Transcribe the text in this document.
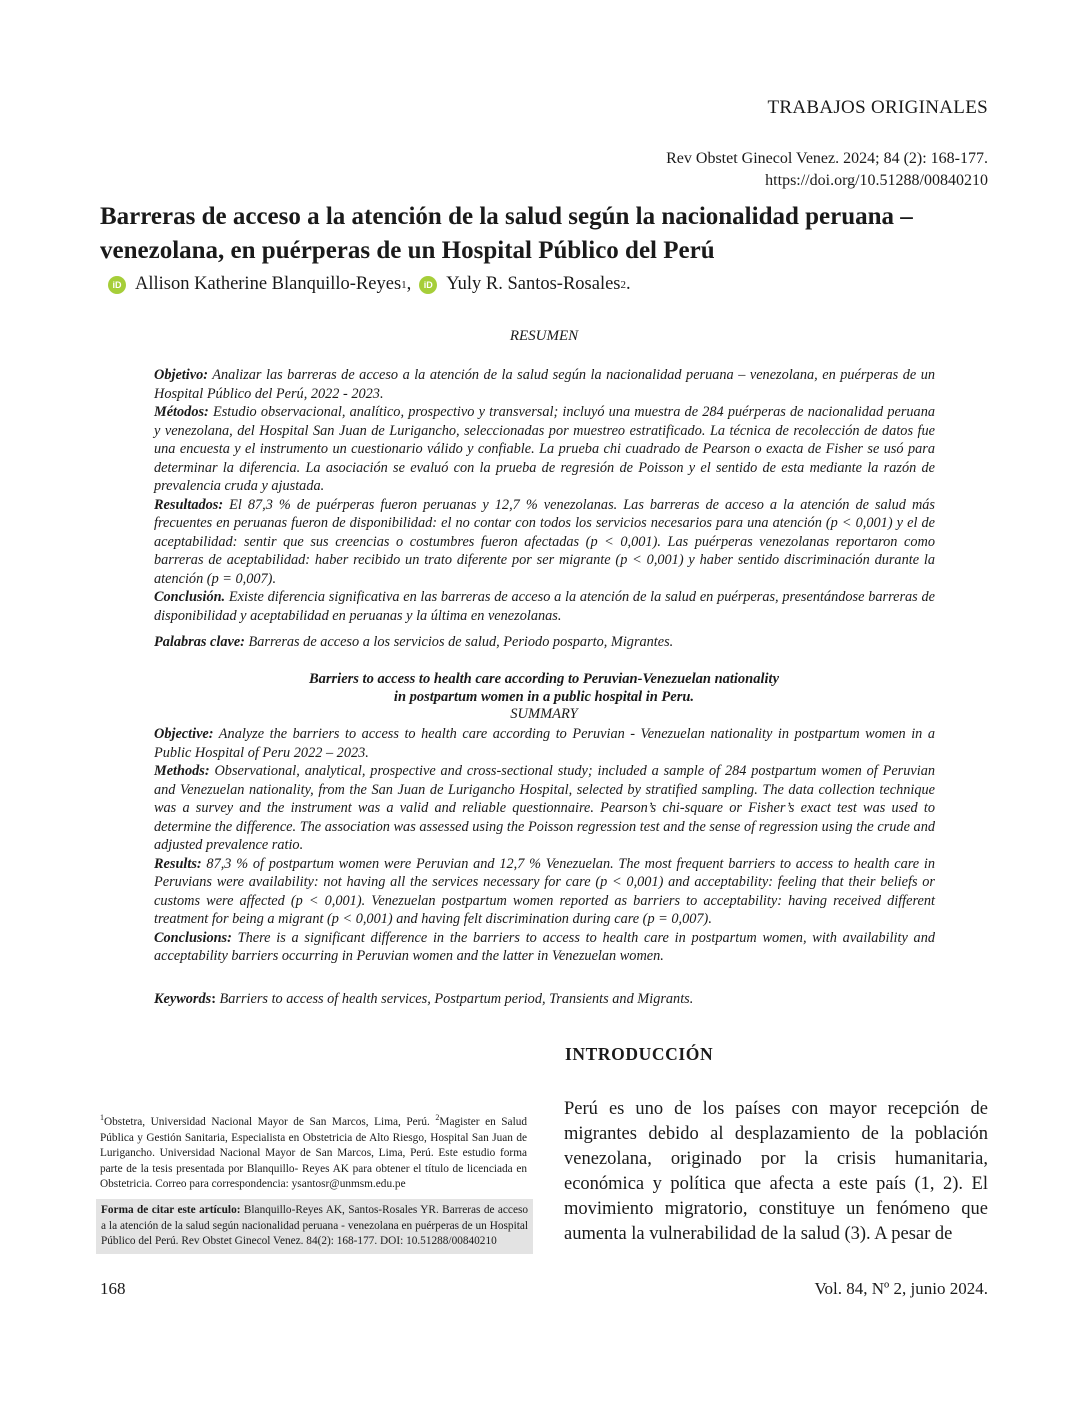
TRABAJOS ORIGINALES
Rev Obstet Ginecol Venez. 2024; 84 (2): 168-177.
https://doi.org/10.51288/00840210
Barreras de acceso a la atención de la salud según la nacionalidad peruana – venezolana, en puérperas de un Hospital Público del Perú
iD Allison Katherine Blanquillo-Reyes 1 ,	iD Yuly R. Santos-Rosales 2 .
RESUMEN

Objetivo: Analizar las barreras de acceso a la atención de la salud según la nacionalidad peruana – venezolana, en puérperas de un Hospital Público del Perú, 2022 - 2023.

Métodos: Estudio observacional, analítico, prospectivo y transversal; incluyó una muestra de 284 puérperas de nacionalidad peruana y venezolana, del Hospital San Juan de Lurigancho, seleccionadas por muestreo estratificado. La técnica de recolección de datos fue una encuesta y el instrumento un cuestionario válido y confiable. La prueba chi cuadrado de Pearson o exacta de Fisher se usó para determinar la diferencia. La asociación se evaluó con la prueba de regresión de Poisson y el sentido de esta mediante la razón de prevalencia cruda y ajustada.

Resultados: El 87,3 % de puérperas fueron peruanas y 12,7 % venezolanas. Las barreras de acceso a la atención de salud más frecuentes en peruanas fueron de disponibilidad: el no contar con todos los servicios necesarios para una atención (p < 0,001) y el de aceptabilidad: sentir que sus creencias o costumbres fueron afectadas (p < 0,001). Las puérperas venezolanas reportaron como barreras de aceptabilidad: haber recibido un trato diferente por ser migrante (p < 0,001) y haber sentido discriminación durante la atención (p = 0,007).

Conclusión. Existe diferencia significativa en las barreras de acceso a la atención de la salud en puérperas, presentándose barreras de disponibilidad y aceptabilidad en peruanas y la última en venezolanas.

Palabras clave: Barreras de acceso a los servicios de salud, Periodo posparto, Migrantes.
Barriers to access to health care according to Peruvian-Venezuelan nationality
in postpartum women in a public hospital in Peru.
SUMMARY

Objective: Analyze the barriers to access to health care according to Peruvian - Venezuelan nationality in postpartum women in a Public Hospital of Peru 2022 – 2023.

Methods: Observational, analytical, prospective and cross-sectional study; included a sample of 284 postpartum women of Peruvian and Venezuelan nationality, from the San Juan de Lurigancho Hospital, selected by stratified sampling. The data collection technique was a survey and the instrument was a valid and reliable questionnaire. Pearson’s chi-square or Fisher’s exact test was used to determine the difference. The association was assessed using the Poisson regression test and the sense of regression using the crude and adjusted prevalence ratio.

Results: 87,3 % of postpartum women were Peruvian and 12,7 % Venezuelan. The most frequent barriers to access to health care in Peruvians were availability: not having all the services necessary for care (p < 0,001) and acceptability: feeling that their beliefs or customs were affected (p < 0,001). Venezuelan postpartum women reported as barriers to acceptability: having received different treatment for being a migrant (p < 0,001) and having felt discrimination during care (p = 0,007).

Conclusions: There is a significant difference in the barriers to access to health care in postpartum women, with availability and acceptability barriers occurring in Peruvian women and the latter in Venezuelan women.

Keywords: Barriers to access of health services, Postpartum period, Transients and Migrants.
INTRODUCCIÓN
$^1$Obstetra, Universidad Nacional Mayor de San Marcos, Lima, Perú. $^2$Magister en Salud Pública y Gestión Sanitaria, Especialista en Obstetricia de Alto Riesgo, Hospital San Juan de Lurigancho. Universidad Nacional Mayor de San Marcos, Lima, Perú. Este estudio forma parte de la tesis presentada por Blanquillo- Reyes AK para obtener el título de licenciada en Obstetricia. Correo para correspondencia: ysantosr@unmsm.edu.pe
Forma de citar este artículo: Blanquillo-Reyes AK, Santos-Rosales YR. Barreras de acceso a la atención de la salud según nacionalidad peruana - venezolana en puérperas de un Hospital Público del Perú. Rev Obstet Ginecol Venez. 84(2): 168-177. DOI: 10.51288/00840210
Perú es uno de los países con mayor recepción de migrantes debido al desplazamiento de la población venezolana, originado por la crisis humanitaria, económica y política que afecta a este país (1, 2). El movimiento migratorio, constituye un fenómeno que aumenta la vulnerabilidad de la salud (3). A pesar de
168	Vol. 84, Nº 2, junio 2024.
